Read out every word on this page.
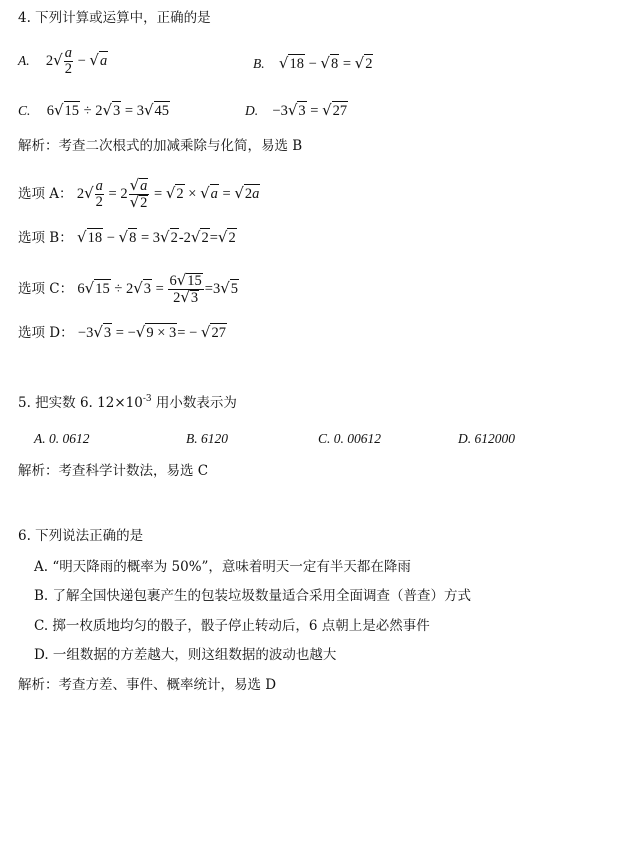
4. 下列计算或运算中，正确的是
A. $2√ \frac{a}{2} - √a$	B. √18 − √8 = √2
C. 6√15 ÷ 2√3 = 3√45	D. −3√3 = √27
解析：考查二次根式的加减乘除与化简，易选 B
选项 A： $2√ \frac{a}{2} = 2 \frac{√a}{√2} = √2 \times √a = √2a$
选项 B： √18 − √8 = 3√2-2√2=√2
选项 C： $6√15 \div 2√3 = \frac{6√15}{2√3} =3√5$
选项 D： −3√3 = −√9 × 3= − √27
5. 把实数 6. $12\times 10^{-3}$ 用小数表示为
A. 0. 0612	B. 6120	C. 0. 00612	D. 612000
解析：考查科学计数法，易选 C
6. 下列说法正确的是
A. “明天降雨的概率为 50%”，意味着明天一定有半天都在降雨
B. 了解全国快递包裹产生的包装垃圾数量适合采用全面调查（普查）方式
C. 掷一枚质地均匀的骰子，骰子停止转动后，6 点朝上是必然事件
D. 一组数据的方差越大，则这组数据的波动也越大
解析：考查方差、事件、概率统计，易选 D
